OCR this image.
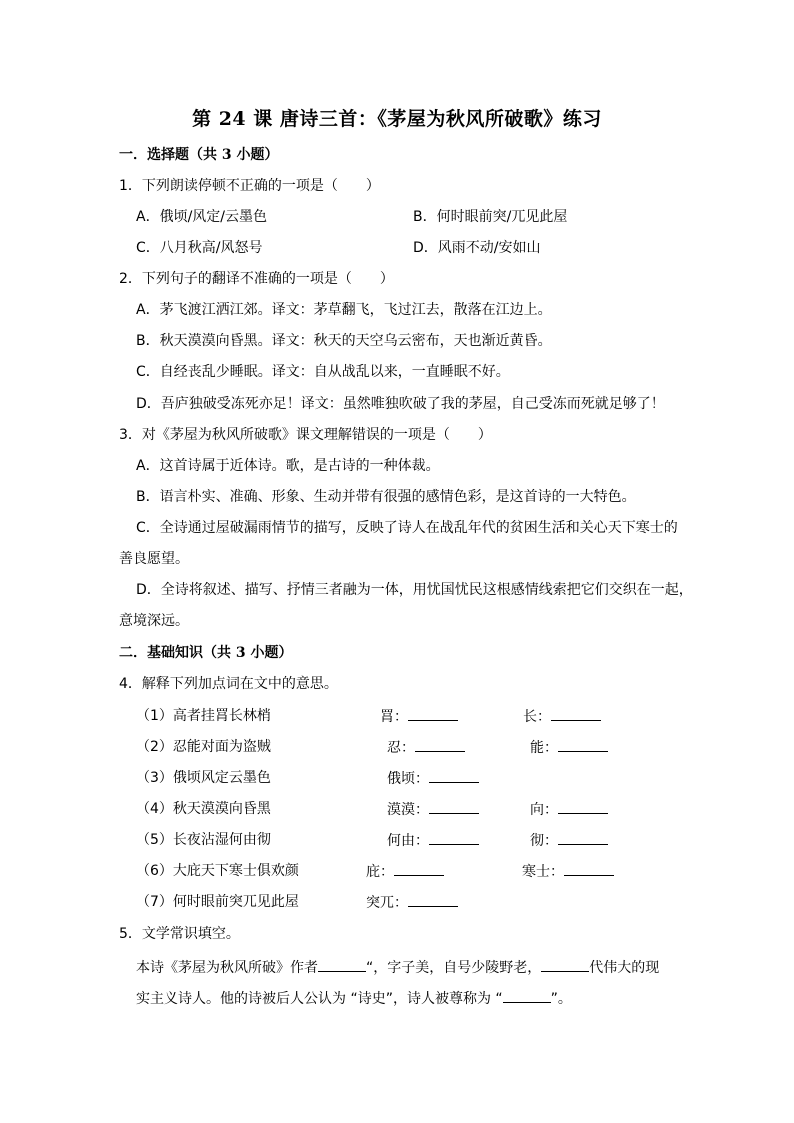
第 24 课 唐诗三首：《茅屋为秋风所破歌》练习
一．选择题（共 3 小题）
1．下列朗读停顿不正确的一项是（　　）
A．俄顷/风定/云墨色	B．何时眼前突/兀见此屋
C．八月秋高/风怒号	D．风雨不动/安如山
2．下列句子的翻译不准确的一项是（　　）
A．茅飞渡江洒江郊。译文：茅草翻飞，飞过江去，散落在江边上。
B．秋天漠漠向昏黑。译文：秋天的天空乌云密布，天也渐近黄昏。
C．自经丧乱少睡眠。译文：自从战乱以来，一直睡眠不好。
D．吾庐独破受冻死亦足！译文：虽然唯独吹破了我的茅屋，自己受冻而死就足够了！
3．对《茅屋为秋风所破歌》课文理解错误的一项是（　　）
A．这首诗属于近体诗。歌，是古诗的一种体裁。
B．语言朴实、准确、形象、生动并带有很强的感情色彩，是这首诗的一大特色。
C．全诗通过屋破漏雨情节的描写，反映了诗人在战乱年代的贫困生活和关心天下寒士的
善良愿望。
D．全诗将叙述、描写、抒情三者融为一体，用忧国忧民这根感情线索把它们交织在一起，
意境深远。
二．基础知识（共 3 小题）
4．解释下列加点词在文中的意思。
（1）高者挂罥长林梢	罥：	长：
（2）忍能对面为盗贼	忍：	能：
（3）俄顷风定云墨色	俄顷：
（4）秋天漠漠向昏黑	漠漠：	向：
（5）长夜沾湿何由彻	何由：	彻：
（6）大庇天下寒士俱欢颜	庇：	寒士：
（7）何时眼前突兀见此屋	突兀：
5．文学常识填空。
本诗《茅屋为秋风所破》作者	“，字子美，自号少陵野老，	代伟大的现
实主义诗人。他的诗被后人公认为 “诗史”，诗人被尊称为 “	”。
